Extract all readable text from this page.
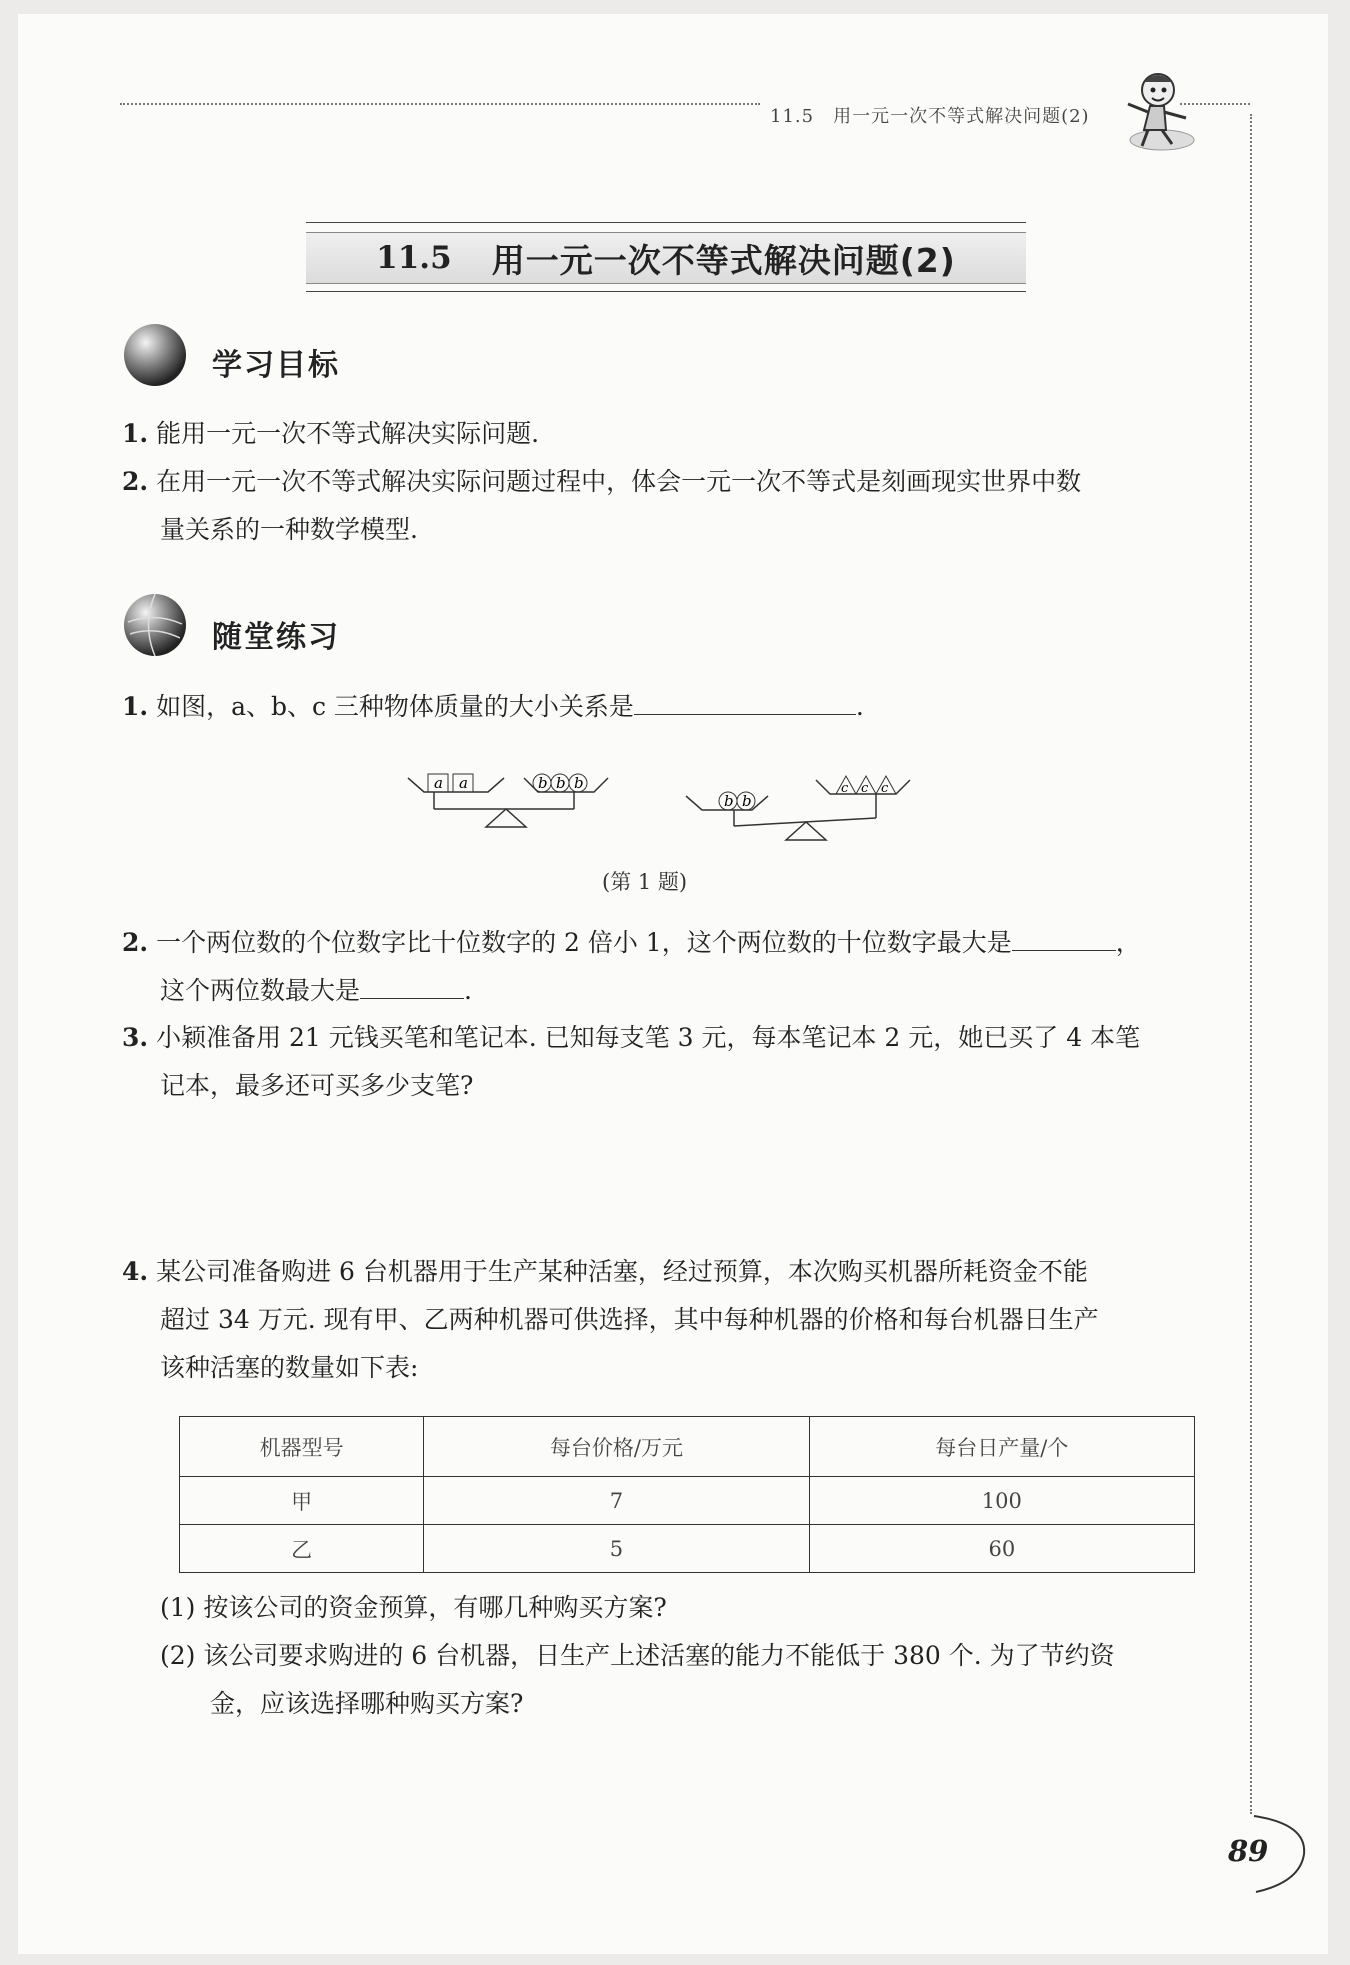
11.5　用一元一次不等式解决问题(2)
11.5 用一元一次不等式解决问题(2)
学习目标
1. 能用一元一次不等式解决实际问题.
2. 在用一元一次不等式解决实际问题过程中，体会一元一次不等式是刻画现实世界中数
量关系的一种数学模型.
随堂练习
1. 如图，a、b、c 三种物体质量的大小关系是	.
a a	b b b
b b
c c c
(第 1 题)
2. 一个两位数的个位数字比十位数字的 2 倍小 1，这个两位数的十位数字最大是	，
这个两位数最大是	.
3. 小颖准备用 21 元钱买笔和笔记本. 已知每支笔 3 元，每本笔记本 2 元，她已买了 4 本笔
记本，最多还可买多少支笔?
4. 某公司准备购进 6 台机器用于生产某种活塞，经过预算，本次购买机器所耗资金不能
超过 34 万元. 现有甲、乙两种机器可供选择，其中每种机器的价格和每台机器日生产
该种活塞的数量如下表:
机器型号	每台价格/万元	每台日产量/个
甲	7	100
乙	5	60
(1) 按该公司的资金预算，有哪几种购买方案?
(2) 该公司要求购进的 6 台机器，日生产上述活塞的能力不能低于 380 个. 为了节约资
金，应该选择哪种购买方案?
89
